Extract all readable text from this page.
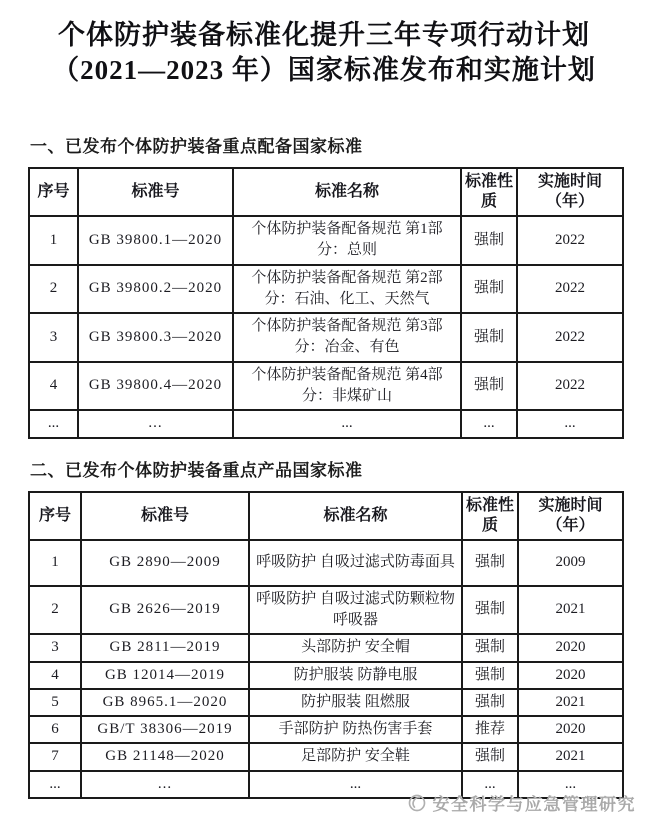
个体防护装备标准化提升三年专项行动计划
（2021—2023 年）国家标准发布和实施计划
一、已发布个体防护装备重点配备国家标准
序号	标准号	标准名称	标准性质	实施时间（年）
1	GB 39800.1—2020	个体防护装备配备规范 第1部分：总则	强制	2022
2	GB 39800.2—2020	个体防护装备配备规范 第2部分：石油、化工、天然气	强制	2022
3	GB 39800.3—2020	个体防护装备配备规范 第3部分：冶金、有色	强制	2022
4	GB 39800.4—2020	个体防护装备配备规范 第4部分：非煤矿山	强制	2022
...	...	...	...	...
二、已发布个体防护装备重点产品国家标准
序号	标准号	标准名称	标准性质	实施时间（年）
1	GB 2890—2009	呼吸防护 自吸过滤式防毒面具	强制	2009
2	GB 2626—2019	呼吸防护 自吸过滤式防颗粒物呼吸器	强制	2021
3	GB 2811—2019	头部防护 安全帽	强制	2020
4	GB 12014—2019	防护服装 防静电服	强制	2020
5	GB 8965.1—2020	防护服装 阻燃服	强制	2021
6	GB/T 38306—2019	手部防护 防热伤害手套	推荐	2020
7	GB 21148—2020	足部防护 安全鞋	强制	2021
...	...	...	...	...
安全科学与应急管理研究
